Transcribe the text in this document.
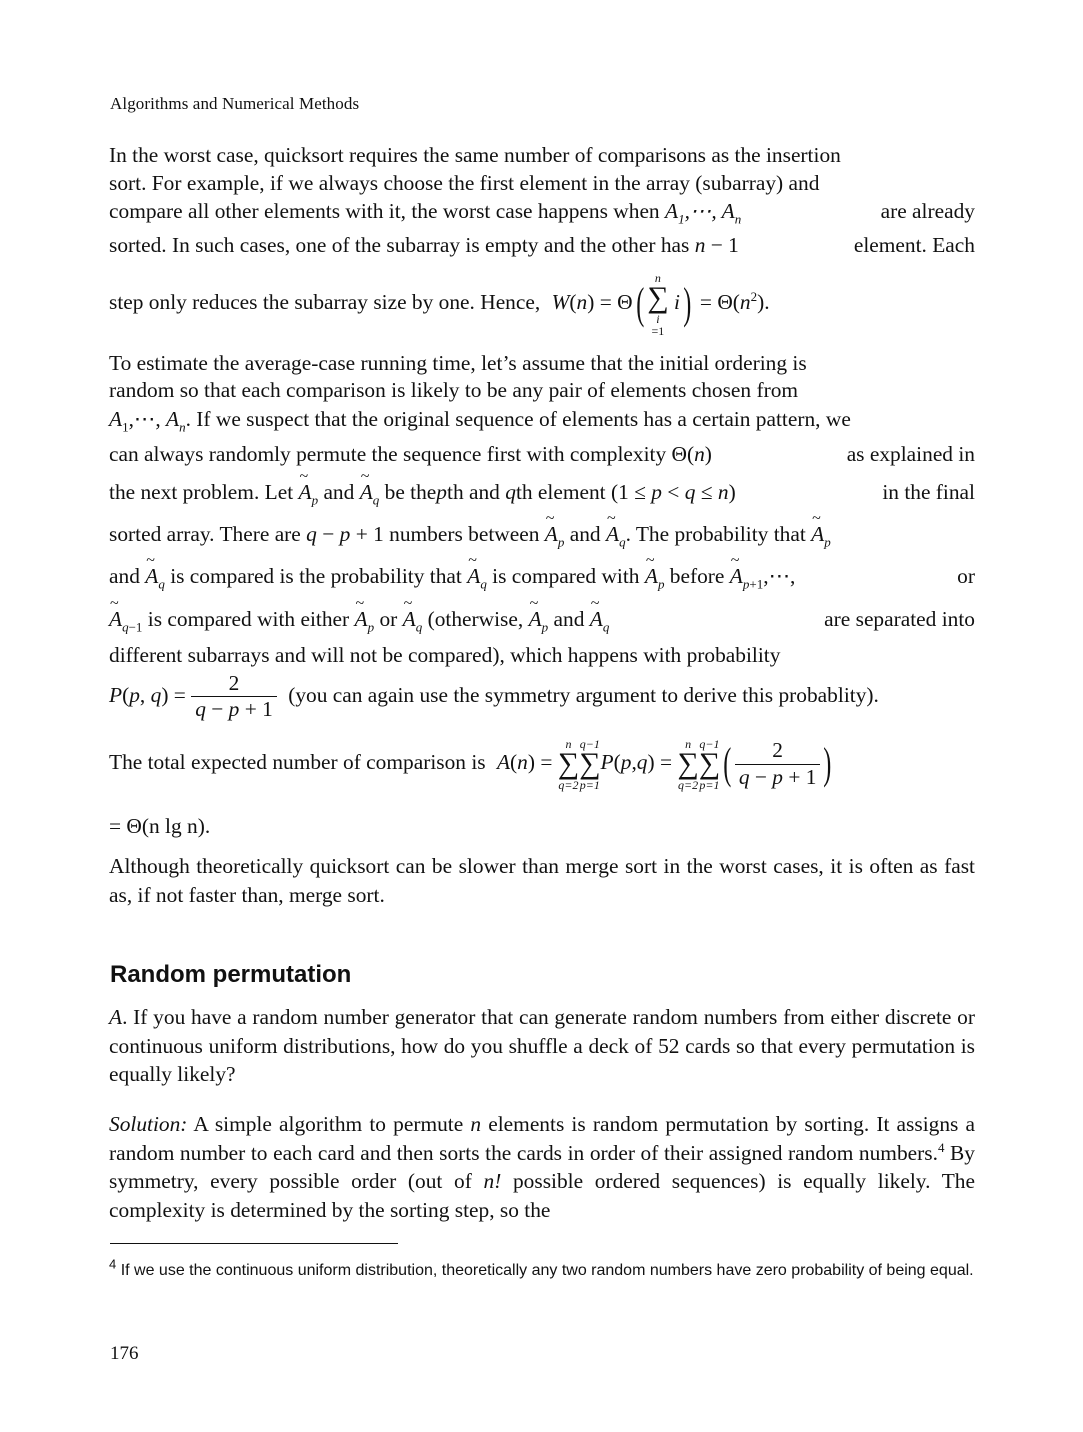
Algorithms and Numerical Methods
In the worst case, quicksort requires the same number of comparisons as the insertion
sort. For example, if we always choose the first element in the array (subarray) and
compare all other elements with it, the worst case happens when $A_1,\cdots$, $A_n$	are already
sorted. In such cases, one of the subarray is empty and the other has n − 1	element. Each
step only reduces the subarray size by one. Hence, W(n) = Θ(
n
∑
i
=1
$i) = \Theta(n^2)$.
To estimate the average-case running time, let’s assume that the initial ordering is
random so that each comparison is likely to be any pair of elements chosen from
$A_1,\cdots$, $A_n$. If we suspect that the original sequence of elements has a certain pattern, we
can always randomly permute the sequence first with complexity Θ(n)	as explained in
the next problem. Let ~ $A_p$ and ~ $A_q$ be thepth and qth element (1 ≤ p < q ≤ n)	in the final
sorted array. There are q − p + 1 numbers between ~ $A_p$ and ~ $A_q$. The probability that ~ $A_p$
and ~ $A_q$ is compared is the probability that ~ $A_q$ is compared with ~ $A_p$ before ~ $A_{p+1},\cdots$,	or
~ $A_{q-1}$ is compared with either ~ $A_p$ or ~ $A_q$ (otherwise, ~ $A_p$ and ~ $A_q$	are separated into
different subarrays and will not be compared), which happens with probability
P(p, $q) = \frac{2}{q - p + 1} (you$ can again use the symmetry argument to derive this probablity).
The total expected number of comparison is A(n) =
n
∑
q=2
q−1
∑
p=1
P(p,q) =
n
∑
q=2
q−1
∑
p=1 ( $\frac{2}{q - p + 1}$ )
= Θ(n lg n).

Although theoretically quicksort can be slower than merge sort in the worst cases, it is often as fast as, if not faster than, merge sort.

Random permutation

A. If you have a random number generator that can generate random numbers from either discrete or continuous uniform distributions, how do you shuffle a deck of 52 cards so that every permutation is equally likely?

Solution: A simple algorithm to permute n elements is random permutation by sorting. It assigns a random number to each card and then sorts the cards in order of their assigned random numbers.$^4$ By symmetry, every possible order (out of n! possible ordered sequences) is equally likely. The complexity is determined by the sorting step, so the

$^4$ If we use the continuous uniform distribution, theoretically any two random numbers have zero probability of being equal.
176
